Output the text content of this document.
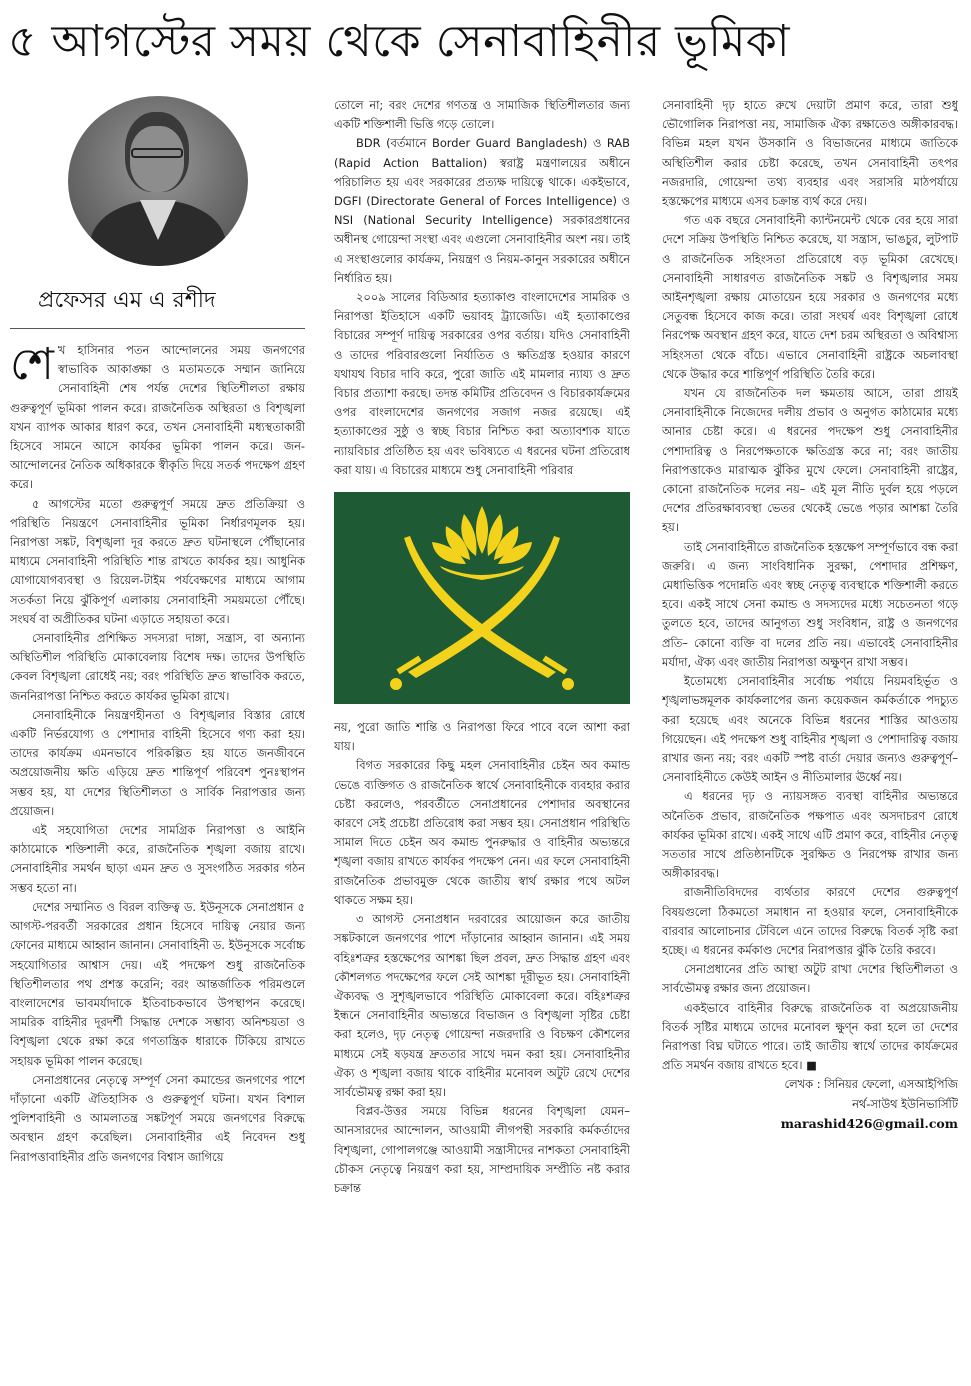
৫ আগস্টের সময় থেকে সেনাবাহিনীর ভূমিকা
প্রফেসর এম এ রশীদ

শেখ হাসিনার পতন আন্দোলনের সময় জনগণের স্বাভাবিক আকাঙ্ক্ষা ও মতামতকে সম্মান জানিয়ে সেনাবাহিনী শেষ পর্যন্ত দেশের স্থিতিশীলতা রক্ষায় গুরুত্বপূর্ণ ভূমিকা পালন করে। রাজনৈতিক অস্থিরতা ও বিশৃঙ্খলা যখন ব্যাপক আকার ধারণ করে, তখন সেনাবাহিনী মধ্যস্থতাকারী হিসেবে সামনে আসে কার্যকর ভূমিকা পালন করে। জন-আন্দোলনের নৈতিক অধিকারকে স্বীকৃতি দিয়ে সতর্ক পদক্ষেপ গ্রহণ করে।

৫ আগস্টের মতো গুরুত্বপূর্ণ সময়ে দ্রুত প্রতিক্রিয়া ও পরিস্থিতি নিয়ন্ত্রণে সেনাবাহিনীর ভূমিকা নির্ধারণমূলক হয়। নিরাপত্তা সঙ্কট, বিশৃঙ্খলা দূর করতে দ্রুত ঘটনাস্থলে পৌঁছানোর মাধ্যমে সেনাবাহিনী পরিস্থিতি শান্ত রাখতে কার্যকর হয়। আধুনিক যোগাযোগব্যবস্থা ও রিয়েল-টাইম পর্যবেক্ষণের মাধ্যমে আগাম সতর্কতা নিয়ে ঝুঁকিপূর্ণ এলাকায় সেনাবাহিনী সময়মতো পৌঁছে। সংঘর্ষ বা অপ্রীতিকর ঘটনা এড়াতে সহায়তা করে।

সেনাবাহিনীর প্রশিক্ষিত সদস্যরা দাঙ্গা, সন্ত্রাস, বা অন্যান্য অস্থিতিশীল পরিস্থিতি মোকাবেলায় বিশেষ দক্ষ। তাদের উপস্থিতি কেবল বিশৃঙ্খলা রোধেই নয়; বরং পরিস্থিতি দ্রুত স্বাভাবিক করতে, জননিরাপত্তা নিশ্চিত করতে কার্যকর ভূমিকা রাখে।

সেনাবাহিনীকে নিয়ন্ত্রণহীনতা ও বিশৃঙ্খলার বিস্তার রোধে একটি নির্ভরযোগ্য ও পেশাদার বাহিনী হিসেবে গণ্য করা হয়। তাদের কার্যক্রম এমনভাবে পরিকল্পিত হয় যাতে জনজীবনে অপ্রয়োজনীয় ক্ষতি এড়িয়ে দ্রুত শান্তিপূর্ণ পরিবেশ পুনঃস্থাপন সম্ভব হয়, যা দেশের স্থিতিশীলতা ও সার্বিক নিরাপত্তার জন্য প্রয়োজন।

এই সহযোগিতা দেশের সামগ্রিক নিরাপত্তা ও আইনি কাঠামোকে শক্তিশালী করে, রাজনৈতিক শৃঙ্খলা বজায় রাখে। সেনাবাহিনীর সমর্থন ছাড়া এমন দ্রুত ও সুসংগঠিত সরকার গঠন সম্ভব হতো না।

দেশের সম্মানিত ও বিরল ব্যক্তিত্ব ড. ইউনূসকে সেনাপ্রধান ৫ আগস্ট-পরবর্তী সরকারের প্রধান হিসেবে দায়িত্ব নেয়ার জন্য ফোনের মাধ্যমে আহ্বান জানান। সেনাবাহিনী ড. ইউনূসকে সর্বোচ্চ সহযোগিতার আশ্বাস দেয়। এই পদক্ষেপ শুধু রাজনৈতিক স্থিতিশীলতার পথ প্রশস্ত করেনি; বরং আন্তর্জাতিক পরিমণ্ডলে বাংলাদেশের ভাবমর্যাদাকে ইতিবাচকভাবে উপস্থাপন করেছে। সামরিক বাহিনীর দূরদর্শী সিদ্ধান্ত দেশকে সম্ভাব্য অনিশ্চয়তা ও বিশৃঙ্খলা থেকে রক্ষা করে গণতান্ত্রিক ধারাকে টিকিয়ে রাখতে সহায়ক ভূমিকা পালন করেছে।

সেনাপ্রধানের নেতৃত্বে সম্পূর্ণ সেনা কমান্ডের জনগণের পাশে দাঁড়ানো একটি ঐতিহাসিক ও গুরুত্বপূর্ণ ঘটনা। যখন বিশাল পুলিশবাহিনী ও আমলাতন্ত্র সঙ্কটপূর্ণ সময়ে জনগণের বিরুদ্ধে অবস্থান গ্রহণ করেছিল। সেনাবাহিনীর এই নিবেদন শুধু নিরাপত্তাবাহিনীর প্রতি জনগণের বিশ্বাস জাগিয়ে

তোলে না; বরং দেশের গণতন্ত্র ও সামাজিক স্থিতিশীলতার জন্য একটি শক্তিশালী ভিত্তি গড়ে তোলে।

BDR (বর্তমানে Border Guard Bangladesh) ও RAB (Rapid Action Battalion) স্বরাষ্ট্র মন্ত্রণালয়ের অধীনে পরিচালিত হয় এবং সরকারের প্রত্যক্ষ দায়িত্বে থাকে। একইভাবে, DGFI (Directorate General of Forces Intelligence) ও NSI (National Security Intelligence) সরকারপ্রধানের অধীনস্থ গোয়েন্দা সংস্থা এবং এগুলো সেনাবাহিনীর অংশ নয়। তাই এ সংস্থাগুলোর কার্যক্রম, নিয়ন্ত্রণ ও নিয়ম-কানুন সরকারের অধীনে নির্ধারিত হয়।

২০০৯ সালের বিডিআর হত্যাকাণ্ড বাংলাদেশের সামরিক ও নিরাপত্তা ইতিহাসে একটি ভয়াবহ ট্র্যাজেডি। এই হত্যাকাণ্ডের বিচারের সম্পূর্ণ দায়িত্ব সরকারের ওপর বর্তায়। যদিও সেনাবাহিনী ও তাদের পরিবারগুলো নির্যাতিত ও ক্ষতিগ্রস্ত হওয়ার কারণে যথাযথ বিচার দাবি করে, পুরো জাতি এই মামলার ন্যায্য ও দ্রুত বিচার প্রত্যাশা করছে। তদন্ত কমিটির প্রতিবেদন ও বিচারকার্যক্রমের ওপর বাংলাদেশের জনগণের সজাগ নজর রয়েছে। এই হত্যাকাণ্ডের সুষ্ঠু ও স্বচ্ছ বিচার নিশ্চিত করা অত্যাবশ্যক যাতে ন্যায়বিচার প্রতিষ্ঠিত হয় এবং ভবিষ্যতে এ ধরনের ঘটনা প্রতিরোধ করা যায়। এ বিচারের মাধ্যমে শুধু সেনাবাহিনী পরিবার

নয়, পুরো জাতি শান্তি ও নিরাপত্তা ফিরে পাবে বলে আশা করা যায়।

বিগত সরকারের কিছু মহল সেনাবাহিনীর চেইন অব কমান্ড ভেঙে ব্যক্তিগত ও রাজনৈতিক স্বার্থে সেনাবাহিনীকে ব্যবহার করার চেষ্টা করলেও, পরবর্তীতে সেনাপ্রধানের পেশাদার অবস্থানের কারণে সেই প্রচেষ্টা প্রতিরোধ করা সম্ভব হয়। সেনাপ্রধান পরিস্থিতি সামাল দিতে চেইন অব কমান্ড পুনরুদ্ধার ও বাহিনীর অভ্যন্তরে শৃঙ্খলা বজায় রাখতে কার্যকর পদক্ষেপ নেন। এর ফলে সেনাবাহিনী রাজনৈতিক প্রভাবমুক্ত থেকে জাতীয় স্বার্থ রক্ষার পথে অটল থাকতে সক্ষম হয়।

৩ আগস্ট সেনাপ্রধান দরবারের আয়োজন করে জাতীয় সঙ্কটকালে জনগণের পাশে দাঁড়ানোর আহ্বান জানান। এই সময় বহিঃশত্রুর হস্তক্ষেপের আশঙ্কা ছিল প্রবল, দ্রুত সিদ্ধান্ত গ্রহণ এবং কৌশলগত পদক্ষেপের ফলে সেই আশঙ্কা দূরীভূত হয়। সেনাবাহিনী ঐক্যবদ্ধ ও সুশৃঙ্খলভাবে পরিস্থিতি মোকাবেলা করে। বহিঃশত্রুর ইন্ধনে সেনাবাহিনীর অভ্যন্তরে বিভাজন ও বিশৃঙ্খলা সৃষ্টির চেষ্টা করা হলেও, দৃঢ় নেতৃত্ব গোয়েন্দা নজরদারি ও বিচক্ষণ কৌশলের মাধ্যমে সেই ষড়যন্ত্র দ্রুততার সাথে দমন করা হয়। সেনাবাহিনীর ঐক্য ও শৃঙ্খলা বজায় থাকে বাহিনীর মনোবল অটুট রেখে দেশের সার্বভৌমত্ব রক্ষা করা হয়।

বিপ্লব-উত্তর সময়ে বিভিন্ন ধরনের বিশৃঙ্খলা যেমন– আনসারদের আন্দোলন, আওয়ামী লীগপন্থী সরকারি কর্মকর্তাদের বিশৃঙ্খলা, গোপালগঞ্জে আওয়ামী সন্ত্রাসীদের নাশকতা সেনাবাহিনী চৌকস নেতৃত্বে নিয়ন্ত্রণ করা হয়, সাম্প্রদায়িক সম্প্রীতি নষ্ট করার চক্রান্ত

সেনাবাহিনী দৃঢ় হাতে রুখে দেয়াটা প্রমাণ করে, তারা শুধু ভৌগোলিক নিরাপত্তা নয়, সামাজিক ঐক্য রক্ষাতেও অঙ্গীকারবদ্ধ। বিভিন্ন মহল যখন উসকানি ও বিভাজনের মাধ্যমে জাতিকে অস্থিতিশীল করার চেষ্টা করেছে, তখন সেনাবাহিনী তৎপর নজরদারি, গোয়েন্দা তথ্য ব্যবহার এবং সরাসরি মাঠপর্যায়ে হস্তক্ষেপের মাধ্যমে এসব চক্রান্ত ব্যর্থ করে দেয়।

গত এক বছরে সেনাবাহিনী ক্যান্টনমেন্ট থেকে বের হয়ে সারা দেশে সক্রিয় উপস্থিতি নিশ্চিত করেছে, যা সন্ত্রাস, ভাঙচুর, লুটপাট ও রাজনৈতিক সহিংসতা প্রতিরোধে বড় ভূমিকা রেখেছে। সেনাবাহিনী সাধারণত রাজনৈতিক সঙ্কট ও বিশৃঙ্খলার সময় আইনশৃঙ্খলা রক্ষায় মোতায়েন হয়ে সরকার ও জনগণের মধ্যে সেতুবন্ধ হিসেবে কাজ করে। তারা সংঘর্ষ এবং বিশৃঙ্খলা রোধে নিরপেক্ষ অবস্থান গ্রহণ করে, যাতে দেশ চরম অস্থিরতা ও অবিশ্বাস্য সহিংসতা থেকে বাঁচে। এভাবে সেনাবাহিনী রাষ্ট্রকে অচলাবস্থা থেকে উদ্ধার করে শান্তিপূর্ণ পরিস্থিতি তৈরি করে।

যখন যে রাজনৈতিক দল ক্ষমতায় আসে, তারা প্রায়ই সেনাবাহিনীকে নিজেদের দলীয় প্রভাব ও অনুগত কাঠামোর মধ্যে আনার চেষ্টা করে। এ ধরনের পদক্ষেপ শুধু সেনাবাহিনীর পেশাদারিত্ব ও নিরপেক্ষতাকে ক্ষতিগ্রস্ত করে না; বরং জাতীয় নিরাপত্তাকেও মারাত্মক ঝুঁকির মুখে ফেলে। সেনাবাহিনী রাষ্ট্রের, কোনো রাজনৈতিক দলের নয়– এই মূল নীতি দুর্বল হয়ে পড়লে দেশের প্রতিরক্ষাব্যবস্থা ভেতর থেকেই ভেঙে পড়ার আশঙ্কা তৈরি হয়।

তাই সেনাবাহিনীতে রাজনৈতিক হস্তক্ষেপ সম্পূর্ণভাবে বন্ধ করা জরুরি। এ জন্য সাংবিধানিক সুরক্ষা, পেশাদার প্রশিক্ষণ, মেধাভিত্তিক পদোন্নতি এবং স্বচ্ছ নেতৃত্ব ব্যবস্থাকে শক্তিশালী করতে হবে। একই সাথে সেনা কমান্ড ও সদস্যদের মধ্যে সচেতনতা গড়ে তুলতে হবে, তাদের আনুগত্য শুধু সংবিধান, রাষ্ট্র ও জনগণের প্রতি– কোনো ব্যক্তি বা দলের প্রতি নয়। এভাবেই সেনাবাহিনীর মর্যাদা, ঐক্য এবং জাতীয় নিরাপত্তা অক্ষুণ্ন রাখা সম্ভব।

ইতোমধ্যে সেনাবাহিনীর সর্বোচ্চ পর্যায়ে নিয়মবহির্ভূত ও শৃঙ্খলাভঙ্গমূলক কার্যকলাপের জন্য কয়েকজন কর্মকর্তাকে পদচ্যুত করা হয়েছে এবং অনেকে বিভিন্ন ধরনের শাস্তির আওতায় গিয়েছেন। এই পদক্ষেপ শুধু বাহিনীর শৃঙ্খলা ও পেশাদারিত্ব বজায় রাখার জন্য নয়; বরং একটি স্পষ্ট বার্তা দেয়ার জন্যও গুরুত্বপূর্ণ– সেনাবাহিনীতে কেউই আইন ও নীতিমালার ঊর্ধ্বে নয়।

এ ধরনের দৃঢ় ও ন্যায়সঙ্গত ব্যবস্থা বাহিনীর অভ্যন্তরে অনৈতিক প্রভাব, রাজনৈতিক পক্ষপাত এবং অসদাচরণ রোধে কার্যকর ভূমিকা রাখে। একই সাথে এটি প্রমাণ করে, বাহিনীর নেতৃত্ব সততার সাথে প্রতিষ্ঠানটিকে সুরক্ষিত ও নিরপেক্ষ রাখার জন্য অঙ্গীকারবদ্ধ।

রাজনীতিবিদদের ব্যর্থতার কারণে দেশের গুরুত্বপূর্ণ বিষয়গুলো ঠিকমতো সমাধান না হওয়ার ফলে, সেনাবাহিনীকে বারবার আলোচনার টেবিলে এনে তাদের বিরুদ্ধে বিতর্ক সৃষ্টি করা হচ্ছে। এ ধরনের কর্মকাণ্ড দেশের নিরাপত্তার ঝুঁকি তৈরি করবে।

সেনাপ্রধানের প্রতি আস্থা অটুট রাখা দেশের স্থিতিশীলতা ও সার্বভৌমত্ব রক্ষার জন্য প্রয়োজন।

একইভাবে বাহিনীর বিরুদ্ধে রাজনৈতিক বা অপ্রয়োজনীয় বিতর্ক সৃষ্টির মাধ্যমে তাদের মনোবল ক্ষুণ্ন করা হলে তা দেশের নিরাপত্তা বিঘ্ন ঘটাতে পারে। তাই জাতীয় স্বার্থে তাদের কার্যক্রমের প্রতি সমর্থন বজায় রাখতে হবে। ■

লেখক : সিনিয়র ফেলো, এসআইপিজি
নর্থ-সাউথ ইউনিভার্সিটি

marashid426@gmail.com
